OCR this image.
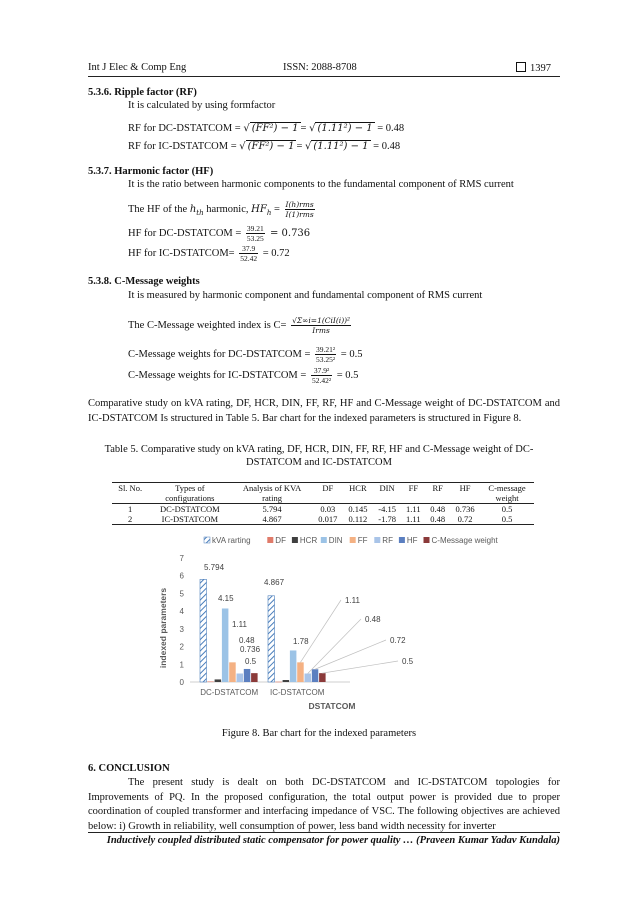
Int J Elec & Comp Eng	ISSN: 2088-8708	1397
5.3.6. Ripple factor (RF)
It is calculated by using formfactor
RF for DC-DSTATCOM = √ (FF²) − 1 = √ (1.11²) − 1 = 0.48
RF for IC-DSTATCOM = √ (FF²) − 1 = √ (1.11²) − 1 = 0.48
5.3.7. Harmonic factor (HF)
It is the ratio between harmonic components to the fundamental component of RMS current
The HF of the $h_{th}$ harmonic, $HF_h = \frac{\text{I(h)rms}}{\text{I(1)rms}}$
HF for DC-DSTATCOM = $\frac{39.21}{53.25} = 0.736$
HF for IC-DSTATCOM= $\frac{37.9}{52.42} = 0.72$
5.3.8. C-Message weights
It is measured by harmonic component and fundamental component of RMS current
The C-Message weighted index is $C= \frac{\text{√Σ∞i=1(CiI(i))²}}{\text{Irms}}$
C-Message weights for DC-DSTATCOM = $\frac{\text{39.21²}}{\text{53.25²}} = 0.5$
C-Message weights for IC-DSTATCOM = $\frac{\text{37.9²}}{\text{52.42²}} = 0.5$
Comparative study on kVA rating, DF, HCR, DIN, FF, RF, HF and C-Message weight of DC-DSTATCOM and IC-DSTATCOM Is structured in Table 5. Bar chart for the indexed parameters is structured in Figure 8.
Table 5. Comparative study on kVA rating, DF, HCR, DIN, FF, RF, HF and C-Message weight of DC-
DSTATCOM and IC-DSTATCOM
Sl. No.	Types of	Analysis of KVA	DF	HCR	DIN	FF	RF	HF	C-message
	configurations	rating							weight
1	DC-DSTATCOM	5.794	0.03	0.145	-4.15	1.11	0.48	0.736	0.5
2	IC-DSTATCOM	4.867	0.017	0.112	-1.78	1.11	0.48	0.72	0.5
kVA rarting	DF HCR DIN FF RF HF C-Message weight
0
1
2
3
4
5
6
7
indexed parameters
DC-DSTATCOM IC-DSTATCOM
DSTATCOM
5.794
4.15
1.11
0.48
0.736
0.5
4.867
1.78
1.11
0.48
0.72
0.5
Figure 8. Bar chart for the indexed parameters
6. CONCLUSION
The present study is dealt on both DC-DSTATCOM and IC-DSTATCOM topologies for Improvements of PQ. In the proposed configuration, the total output power is provided due to proper coordination of coupled transformer and interfacing impedance of VSC. The following objectives are achieved below: i) Growth in reliability, well consumption of power, less band width necessity for inverter
Inductively coupled distributed static compensator for power quality … (Praveen Kumar Yadav Kundala)
